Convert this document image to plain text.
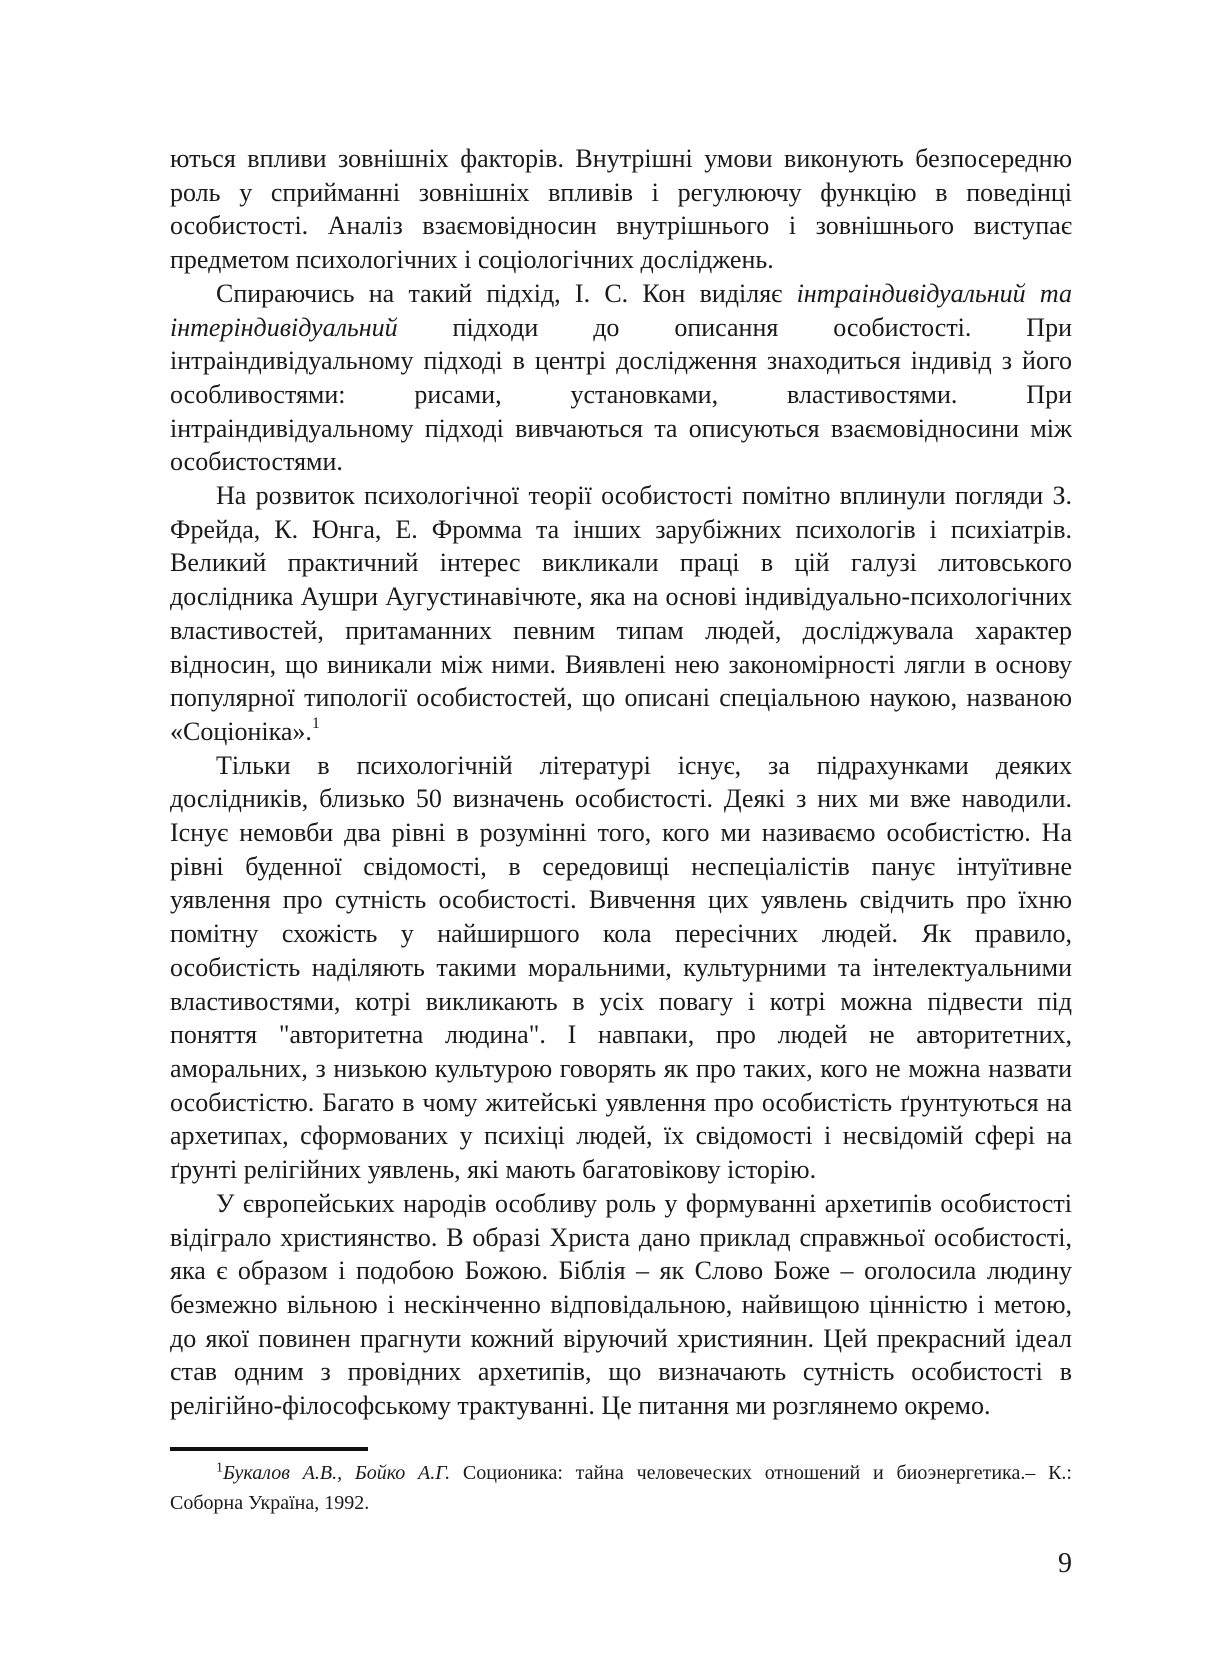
ються впливи зовнішніх факторів. Внутрішні умови виконують безпосередню роль у сприйманні зовнішніх впливів і регулюючу функцію в поведінці особистості. Аналіз взаємовідносин внутрішнього і зовнішнього виступає предметом психологічних і соціологічних досліджень.

Спираючись на такий підхід, І. С. Кон виділяє інтраіндивідуальний та інтеріндивідуальний підходи до описання особистості. При інтраіндивідуальному підході в центрі дослідження знаходиться індивід з його особливостями: рисами, установками, властивостями. При інтраіндивідуальному підході вивчаються та описуються взаємовідносини між особистостями.

На розвиток психологічної теорії особистості помітно вплинули погляди З. Фрейда, К. Юнга, Е. Фромма та інших зарубіжних психологів і психіатрів. Великий практичний інтерес викликали праці в цій галузі литовського дослідника Аушри Аугустинавічюте, яка на основі індивідуально-психологічних властивостей, притаманних певним типам людей, досліджувала характер відносин, що виникали між ними. Виявлені нею закономірності лягли в основу популярної типології особистостей, що описані спеціальною наукою, названою «Соціоніка».$^1$

Тільки в психологічній літературі існує, за підрахунками деяких дослідників, близько 50 визначень особистості. Деякі з них ми вже наводили. Існує немовби два рівні в розумінні того, кого ми називаємо особистістю. На рівні буденної свідомості, в середовищі неспеціалістів панує інтуїтивне уявлення про сутність особистості. Вивчення цих уявлень свідчить про їхню помітну схожість у найширшого кола пересічних людей. Як правило, особистість наділяють такими моральними, культурними та інтелектуальними властивостями, котрі викликають в усіх повагу і котрі можна підвести під поняття "авторитетна людина". І навпаки, про людей не авторитетних, аморальних, з низькою культурою говорять як про таких, кого не можна назвати особистістю. Багато в чому житейські уявлення про особистість ґрунтуються на архетипах, сформованих у психіці людей, їх свідомості і несвідомій сфері на ґрунті релігійних уявлень, які мають багатовікову історію.

У європейських народів особливу роль у формуванні архетипів особистості відіграло християнство. В образі Христа дано приклад справжньої особистості, яка є образом і подобою Божою. Біблія – як Слово Боже – оголосила людину безмежно вільною і нескінченно відповідальною, найвищою цінністю і метою, до якої повинен прагнути кожний віруючий християнин. Цей прекрасний ідеал став одним з провідних архетипів, що визначають сутність особистості в релігійно-філософському трактуванні. Це питання ми розглянемо окремо.

$^1$Букалов А.В., Бойко А.Г. Соционика: тайна человеческих отношений и биоэнергетика.– К.: Соборна Україна, 1992.

9
